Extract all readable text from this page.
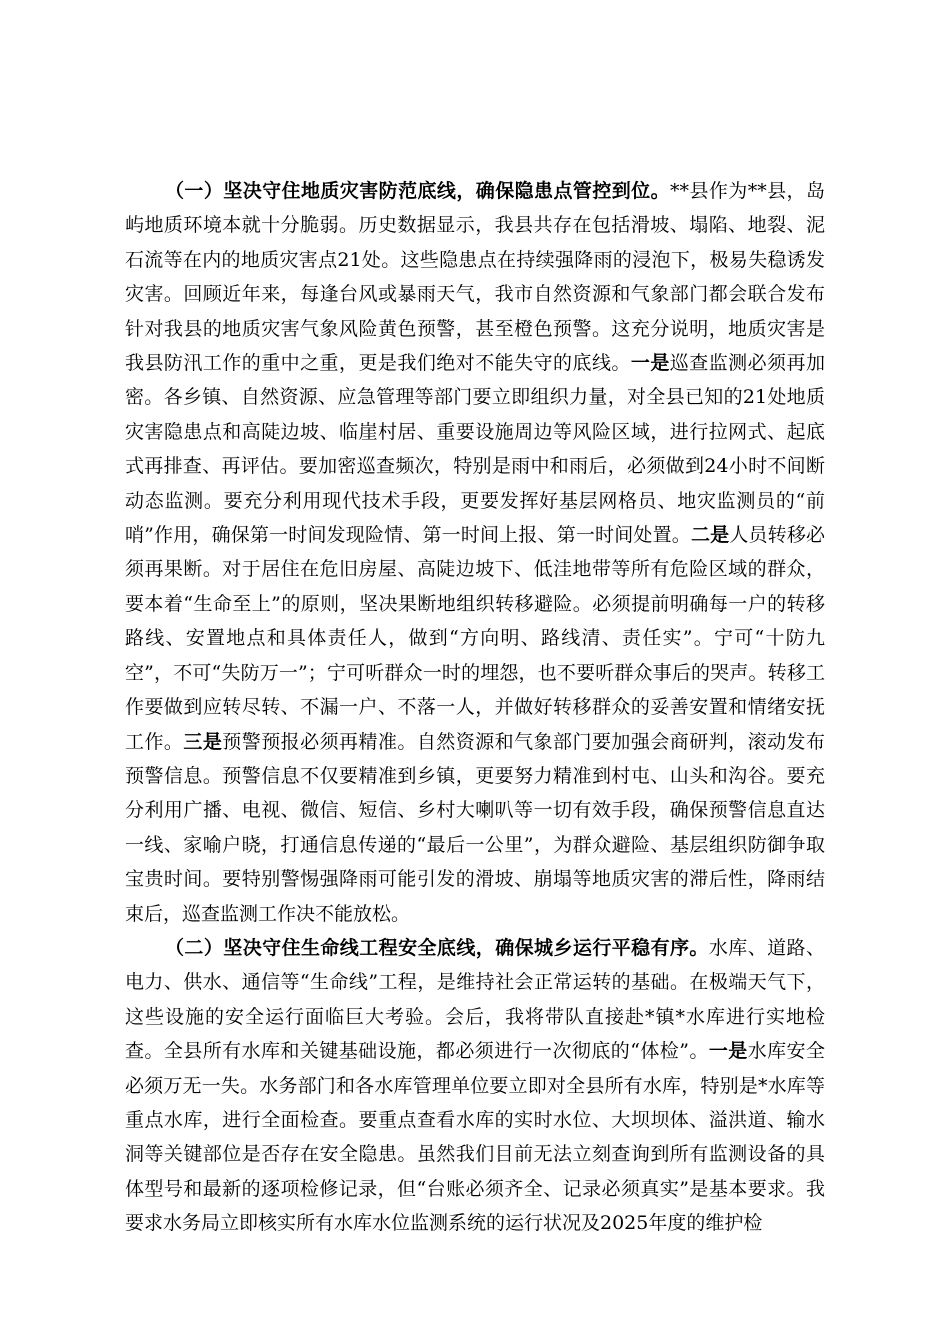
（一）坚决守住地质灾害防范底线，确保隐患点管控到位。**县作为**县，岛屿地质环境本就十分脆弱。历史数据显示，我县共存在包括滑坡、塌陷、地裂、泥石流等在内的地质灾害点21处。这些隐患点在持续强降雨的浸泡下，极易失稳诱发灾害。回顾近年来，每逢台风或暴雨天气，我市自然资源和气象部门都会联合发布针对我县的地质灾害气象风险黄色预警，甚至橙色预警。这充分说明，地质灾害是我县防汛工作的重中之重，更是我们绝对不能失守的底线。一是巡查监测必须再加密。各乡镇、自然资源、应急管理等部门要立即组织力量，对全县已知的21处地质灾害隐患点和高陡边坡、临崖村居、重要设施周边等风险区域，进行拉网式、起底式再排查、再评估。要加密巡查频次，特别是雨中和雨后，必须做到24小时不间断动态监测。要充分利用现代技术手段，更要发挥好基层网格员、地灾监测员的“前哨”作用，确保第一时间发现险情、第一时间上报、第一时间处置。二是人员转移必须再果断。对于居住在危旧房屋、高陡边坡下、低洼地带等所有危险区域的群众，要本着“生命至上”的原则，坚决果断地组织转移避险。必须提前明确每一户的转移路线、安置地点和具体责任人，做到“方向明、路线清、责任实”。宁可“十防九空”，不可“失防万一”；宁可听群众一时的埋怨，也不要听群众事后的哭声。转移工作要做到应转尽转、不漏一户、不落一人，并做好转移群众的妥善安置和情绪安抚工作。三是预警预报必须再精准。自然资源和气象部门要加强会商研判，滚动发布预警信息。预警信息不仅要精准到乡镇，更要努力精准到村屯、山头和沟谷。要充分利用广播、电视、微信、短信、乡村大喇叭等一切有效手段，确保预警信息直达一线、家喻户晓，打通信息传递的“最后一公里”，为群众避险、基层组织防御争取宝贵时间。要特别警惕强降雨可能引发的滑坡、崩塌等地质灾害的滞后性，降雨结束后，巡查监测工作决不能放松。

（二）坚决守住生命线工程安全底线，确保城乡运行平稳有序。水库、道路、电力、供水、通信等“生命线”工程，是维持社会正常运转的基础。在极端天气下，这些设施的安全运行面临巨大考验。会后，我将带队直接赴*镇*水库进行实地检查。全县所有水库和关键基础设施，都必须进行一次彻底的“体检”。一是水库安全必须万无一失。水务部门和各水库管理单位要立即对全县所有水库，特别是*水库等重点水库，进行全面检查。要重点查看水库的实时水位、大坝坝体、溢洪道、输水洞等关键部位是否存在安全隐患。虽然我们目前无法立刻查询到所有监测设备的具体型号和最新的逐项检修记录，但“台账必须齐全、记录必须真实”是基本要求。我要求水务局立即核实所有水库水位监测系统的运行状况及2025年度的维护检
